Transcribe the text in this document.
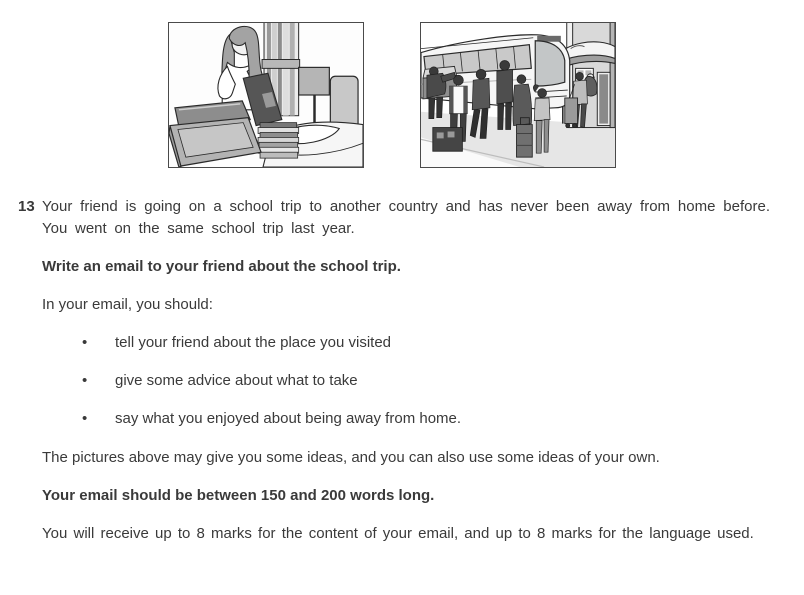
13 Your friend is going on a school trip to another country and has never been away from home before. You went on the same school trip last year.

Write an email to your friend about the school trip.

In your email, you should:

•	tell your friend about the place you visited
•	give some advice about what to take
•	say what you enjoyed about being away from home.

The pictures above may give you some ideas, and you can also use some ideas of your own.

Your email should be between 150 and 200 words long.

You will receive up to 8 marks for the content of your email, and up to 8 marks for the language used.
